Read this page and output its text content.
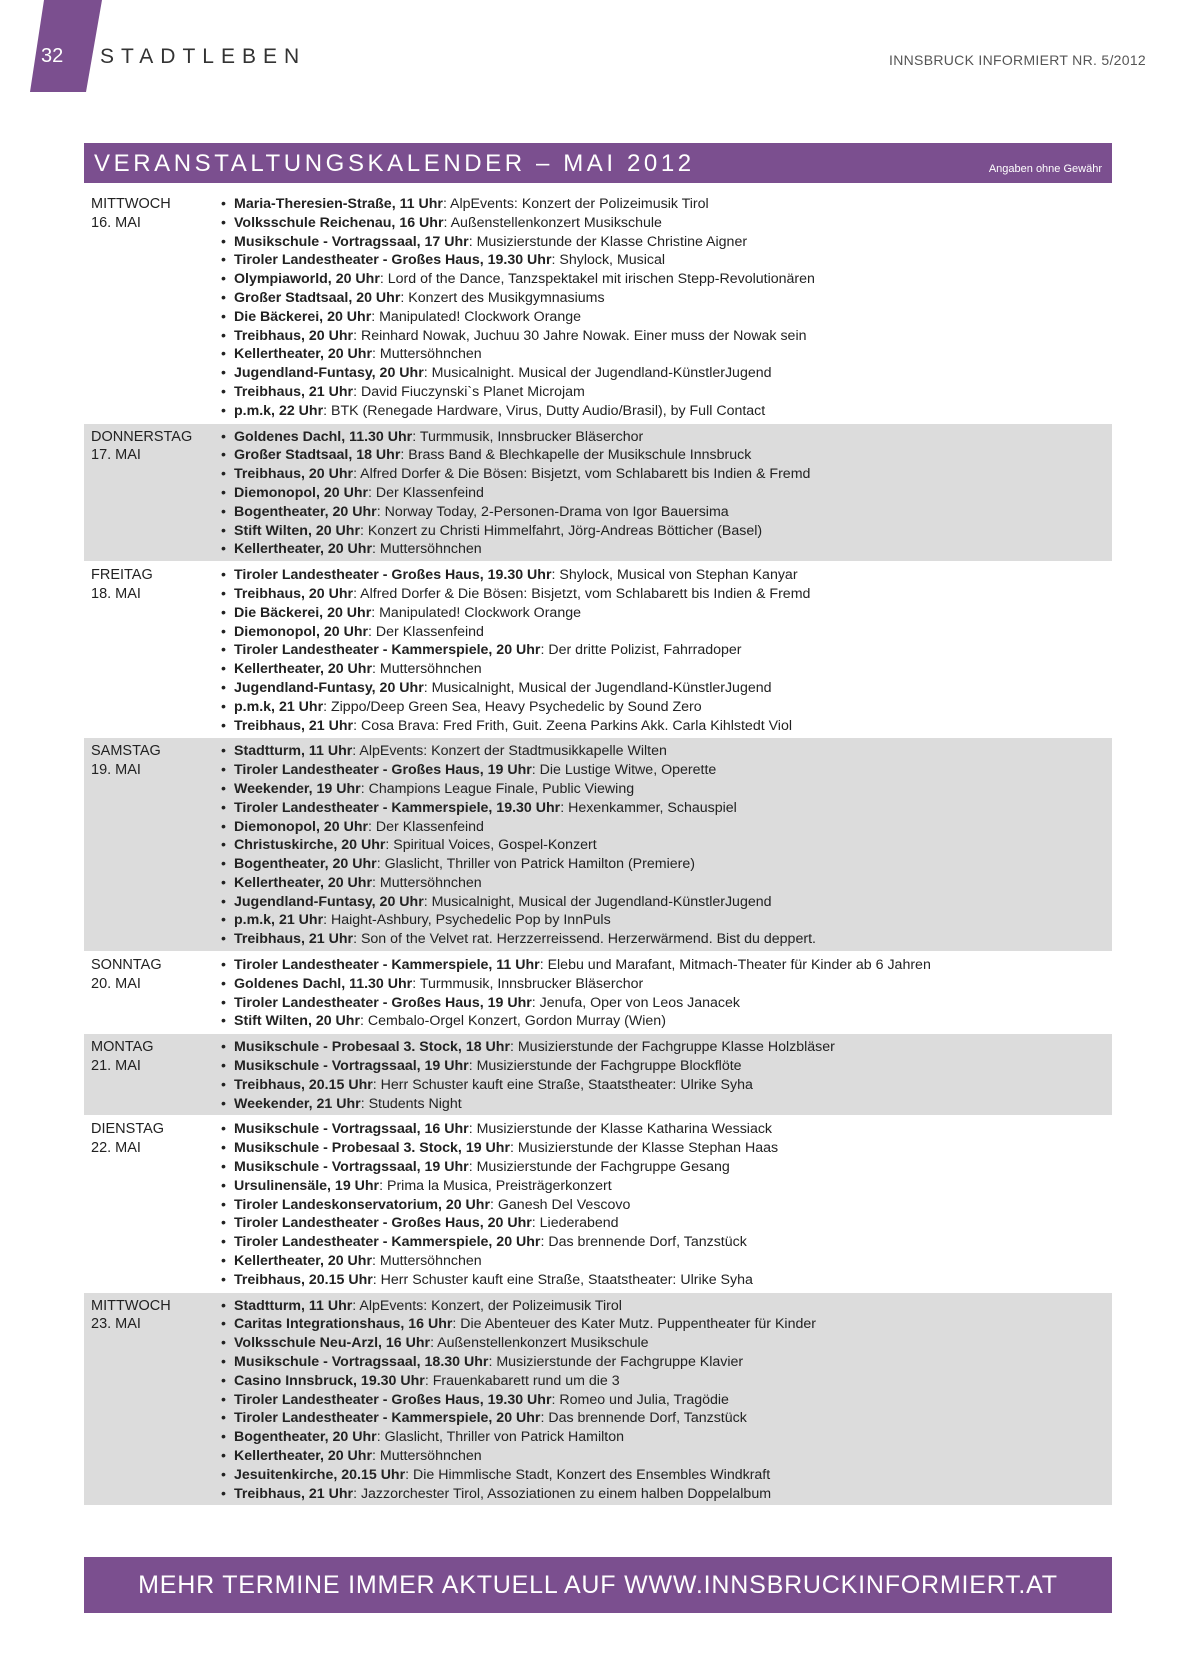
32 STADTLEBEN	INNSBRUCK INFORMIERT NR. 5/2012
VERANSTALTUNGSKALENDER – MAI 2012	Angaben ohne Gewähr
MITTWOCH
16. MAI
• Maria-Theresien-Straße, 11 Uhr: AlpEvents: Konzert der Polizeimusik Tirol
• Volksschule Reichenau, 16 Uhr: Außenstellenkonzert Musikschule
• Musikschule - Vortragssaal, 17 Uhr: Musizierstunde der Klasse Christine Aigner
• Tiroler Landestheater - Großes Haus, 19.30 Uhr: Shylock, Musical
• Olympiaworld, 20 Uhr: Lord of the Dance, Tanzspektakel mit irischen Stepp-Revolutionären
• Großer Stadtsaal, 20 Uhr: Konzert des Musikgymnasiums
• Die Bäckerei, 20 Uhr: Manipulated! Clockwork Orange
• Treibhaus, 20 Uhr: Reinhard Nowak, Juchuu 30 Jahre Nowak. Einer muss der Nowak sein
• Kellertheater, 20 Uhr: Muttersöhnchen
• Jugendland-Funtasy, 20 Uhr: Musicalnight. Musical der Jugendland-KünstlerJugend
• Treibhaus, 21 Uhr: David Fiuczynski`s Planet Microjam
• p.m.k, 22 Uhr: BTK (Renegade Hardware, Virus, Dutty Audio/Brasil), by Full Contact
DONNERSTAG
17. MAI
• Goldenes Dachl, 11.30 Uhr: Turmmusik, Innsbrucker Bläserchor
• Großer Stadtsaal, 18 Uhr: Brass Band & Blechkapelle der Musikschule Innsbruck
• Treibhaus, 20 Uhr: Alfred Dorfer & Die Bösen: Bisjetzt, vom Schlabarett bis Indien & Fremd
• Diemonopol, 20 Uhr: Der Klassenfeind
• Bogentheater, 20 Uhr: Norway Today, 2-Personen-Drama von Igor Bauersima
• Stift Wilten, 20 Uhr: Konzert zu Christi Himmelfahrt, Jörg-Andreas Bötticher (Basel)
• Kellertheater, 20 Uhr: Muttersöhnchen
FREITAG
18. MAI
• Tiroler Landestheater - Großes Haus, 19.30 Uhr: Shylock, Musical von Stephan Kanyar
• Treibhaus, 20 Uhr: Alfred Dorfer & Die Bösen: Bisjetzt, vom Schlabarett bis Indien & Fremd
• Die Bäckerei, 20 Uhr: Manipulated! Clockwork Orange
• Diemonopol, 20 Uhr: Der Klassenfeind
• Tiroler Landestheater - Kammerspiele, 20 Uhr: Der dritte Polizist, Fahrradoper
• Kellertheater, 20 Uhr: Muttersöhnchen
• Jugendland-Funtasy, 20 Uhr: Musicalnight, Musical der Jugendland-KünstlerJugend
• p.m.k, 21 Uhr: Zippo/Deep Green Sea, Heavy Psychedelic by Sound Zero
• Treibhaus, 21 Uhr: Cosa Brava: Fred Frith, Guit. Zeena Parkins Akk. Carla Kihlstedt Viol
SAMSTAG
19. MAI
• Stadtturm, 11 Uhr: AlpEvents: Konzert der Stadtmusikkapelle Wilten
• Tiroler Landestheater - Großes Haus, 19 Uhr: Die Lustige Witwe, Operette
• Weekender, 19 Uhr: Champions League Finale, Public Viewing
• Tiroler Landestheater - Kammerspiele, 19.30 Uhr: Hexenkammer, Schauspiel
• Diemonopol, 20 Uhr: Der Klassenfeind
• Christuskirche, 20 Uhr: Spiritual Voices, Gospel-Konzert
• Bogentheater, 20 Uhr: Glaslicht, Thriller von Patrick Hamilton (Premiere)
• Kellertheater, 20 Uhr: Muttersöhnchen
• Jugendland-Funtasy, 20 Uhr: Musicalnight, Musical der Jugendland-KünstlerJugend
• p.m.k, 21 Uhr: Haight-Ashbury, Psychedelic Pop by InnPuls
• Treibhaus, 21 Uhr: Son of the Velvet rat. Herzzerreissend. Herzerwärmend. Bist du deppert.
SONNTAG
20. MAI
• Tiroler Landestheater - Kammerspiele, 11 Uhr: Elebu und Marafant, Mitmach-Theater für Kinder ab 6 Jahren
• Goldenes Dachl, 11.30 Uhr: Turmmusik, Innsbrucker Bläserchor
• Tiroler Landestheater - Großes Haus, 19 Uhr: Jenufa, Oper von Leos Janacek
• Stift Wilten, 20 Uhr: Cembalo-Orgel Konzert, Gordon Murray (Wien)
MONTAG
21. MAI
• Musikschule - Probesaal 3. Stock, 18 Uhr: Musizierstunde der Fachgruppe Klasse Holzbläser
• Musikschule - Vortragssaal, 19 Uhr: Musizierstunde der Fachgruppe Blockflöte
• Treibhaus, 20.15 Uhr: Herr Schuster kauft eine Straße, Staatstheater: Ulrike Syha
• Weekender, 21 Uhr: Students Night
DIENSTAG
22. MAI
• Musikschule - Vortragssaal, 16 Uhr: Musizierstunde der Klasse Katharina Wessiack
• Musikschule - Probesaal 3. Stock, 19 Uhr: Musizierstunde der Klasse Stephan Haas
• Musikschule - Vortragssaal, 19 Uhr: Musizierstunde der Fachgruppe Gesang
• Ursulinensäle, 19 Uhr: Prima la Musica, Preisträgerkonzert
• Tiroler Landeskonservatorium, 20 Uhr: Ganesh Del Vescovo
• Tiroler Landestheater - Großes Haus, 20 Uhr: Liederabend
• Tiroler Landestheater - Kammerspiele, 20 Uhr: Das brennende Dorf, Tanzstück
• Kellertheater, 20 Uhr: Muttersöhnchen
• Treibhaus, 20.15 Uhr: Herr Schuster kauft eine Straße, Staatstheater: Ulrike Syha
MITTWOCH
23. MAI
• Stadtturm, 11 Uhr: AlpEvents: Konzert, der Polizeimusik Tirol
• Caritas Integrationshaus, 16 Uhr: Die Abenteuer des Kater Mutz. Puppentheater für Kinder
• Volksschule Neu-Arzl, 16 Uhr: Außenstellenkonzert Musikschule
• Musikschule - Vortragssaal, 18.30 Uhr: Musizierstunde der Fachgruppe Klavier
• Casino Innsbruck, 19.30 Uhr: Frauenkabarett rund um die 3
• Tiroler Landestheater - Großes Haus, 19.30 Uhr: Romeo und Julia, Tragödie
• Tiroler Landestheater - Kammerspiele, 20 Uhr: Das brennende Dorf, Tanzstück
• Bogentheater, 20 Uhr: Glaslicht, Thriller von Patrick Hamilton
• Kellertheater, 20 Uhr: Muttersöhnchen
• Jesuitenkirche, 20.15 Uhr: Die Himmlische Stadt, Konzert des Ensembles Windkraft
• Treibhaus, 21 Uhr: Jazzorchester Tirol, Assoziationen zu einem halben Doppelalbum
MEHR TERMINE IMMER AKTUELL AUF WWW.INNSBRUCKINFORMIERT.AT
